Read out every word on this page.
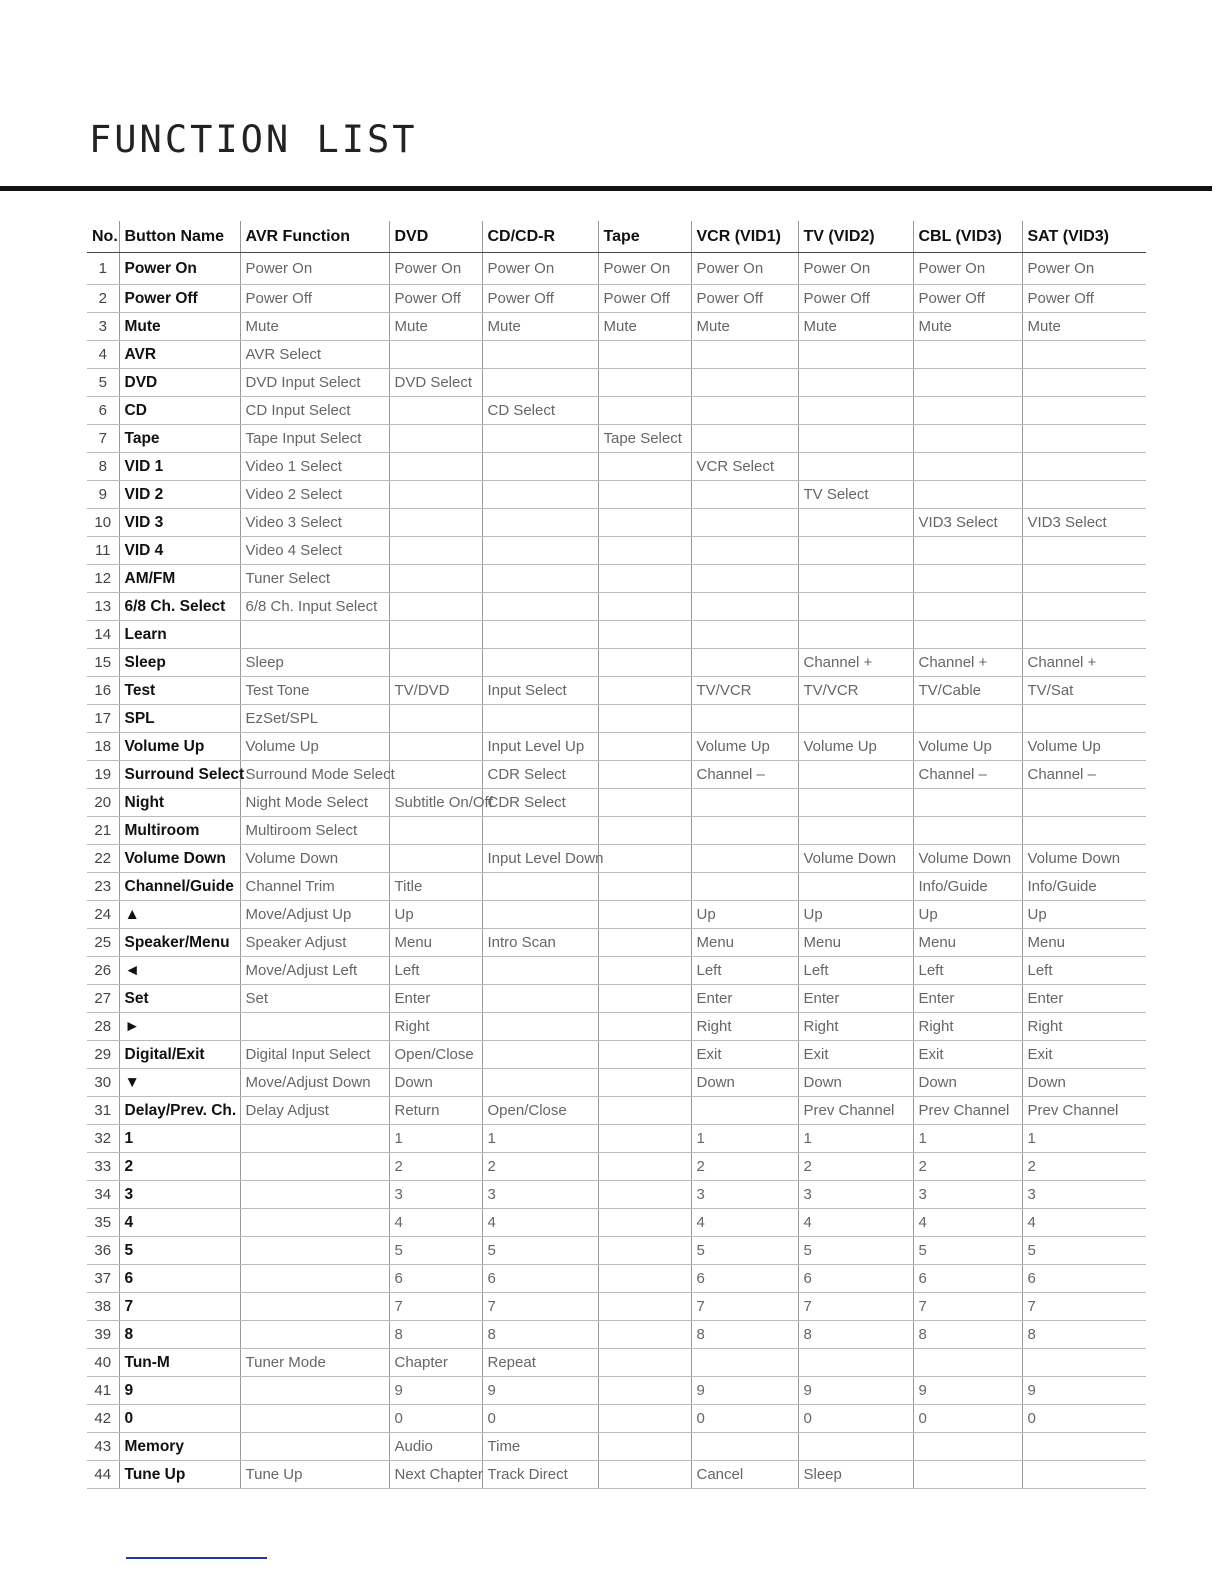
FUNCTION LIST
No.	Button Name	AVR Function	DVD	CD/CD-R	Tape	VCR (VID1)	TV (VID2)	CBL (VID3)	SAT (VID3)
1	Power On	Power On	Power On	Power On	Power On	Power On	Power On	Power On	Power On
2	Power Off	Power Off	Power Off	Power Off	Power Off	Power Off	Power Off	Power Off	Power Off
3	Mute	Mute	Mute	Mute	Mute	Mute	Mute	Mute	Mute
4	AVR	AVR Select							
5	DVD	DVD Input Select	DVD Select						
6	CD	CD Input Select		CD Select					
7	Tape	Tape Input Select			Tape Select				
8	VID 1	Video 1 Select				VCR Select			
9	VID 2	Video 2 Select					TV Select		
10	VID 3	Video 3 Select						VID3 Select	VID3 Select
11	VID 4	Video 4 Select							
12	AM/FM	Tuner Select							
13	6/8 Ch. Select	6/8 Ch. Input Select							
14	Learn								
15	Sleep	Sleep					Channel +	Channel +	Channel +
16	Test	Test Tone	TV/DVD	Input Select		TV/VCR	TV/VCR	TV/Cable	TV/Sat
17	SPL	EzSet/SPL							
18	Volume Up	Volume Up		Input Level Up		Volume Up	Volume Up	Volume Up	Volume Up
19	Surround Select	Surround Mode Select		CDR Select		Channel –		Channel –	Channel –
20	Night	Night Mode Select	Subtitle On/Off	CDR Select					
21	Multiroom	Multiroom Select							
22	Volume Down	Volume Down		Input Level Down			Volume Down	Volume Down	Volume Down
23	Channel/Guide	Channel Trim	Title					Info/Guide	Info/Guide
24	▲	Move/Adjust Up	Up			Up	Up	Up	Up
25	Speaker/Menu	Speaker Adjust	Menu	Intro Scan		Menu	Menu	Menu	Menu
26	◄	Move/Adjust Left	Left			Left	Left	Left	Left
27	Set	Set	Enter			Enter	Enter	Enter	Enter
28	►		Right			Right	Right	Right	Right
29	Digital/Exit	Digital Input Select	Open/Close			Exit	Exit	Exit	Exit
30	▼	Move/Adjust Down	Down			Down	Down	Down	Down
31	Delay/Prev. Ch.	Delay Adjust	Return	Open/Close			Prev Channel	Prev Channel	Prev Channel
32	1		1	1		1	1	1	1
33	2		2	2		2	2	2	2
34	3		3	3		3	3	3	3
35	4		4	4		4	4	4	4
36	5		5	5		5	5	5	5
37	6		6	6		6	6	6	6
38	7		7	7		7	7	7	7
39	8		8	8		8	8	8	8
40	Tun-M	Tuner Mode	Chapter	Repeat					
41	9		9	9		9	9	9	9
42	0		0	0		0	0	0	0
43	Memory		Audio	Time					
44	Tune Up	Tune Up	Next Chapter	Track Direct		Cancel	Sleep		
